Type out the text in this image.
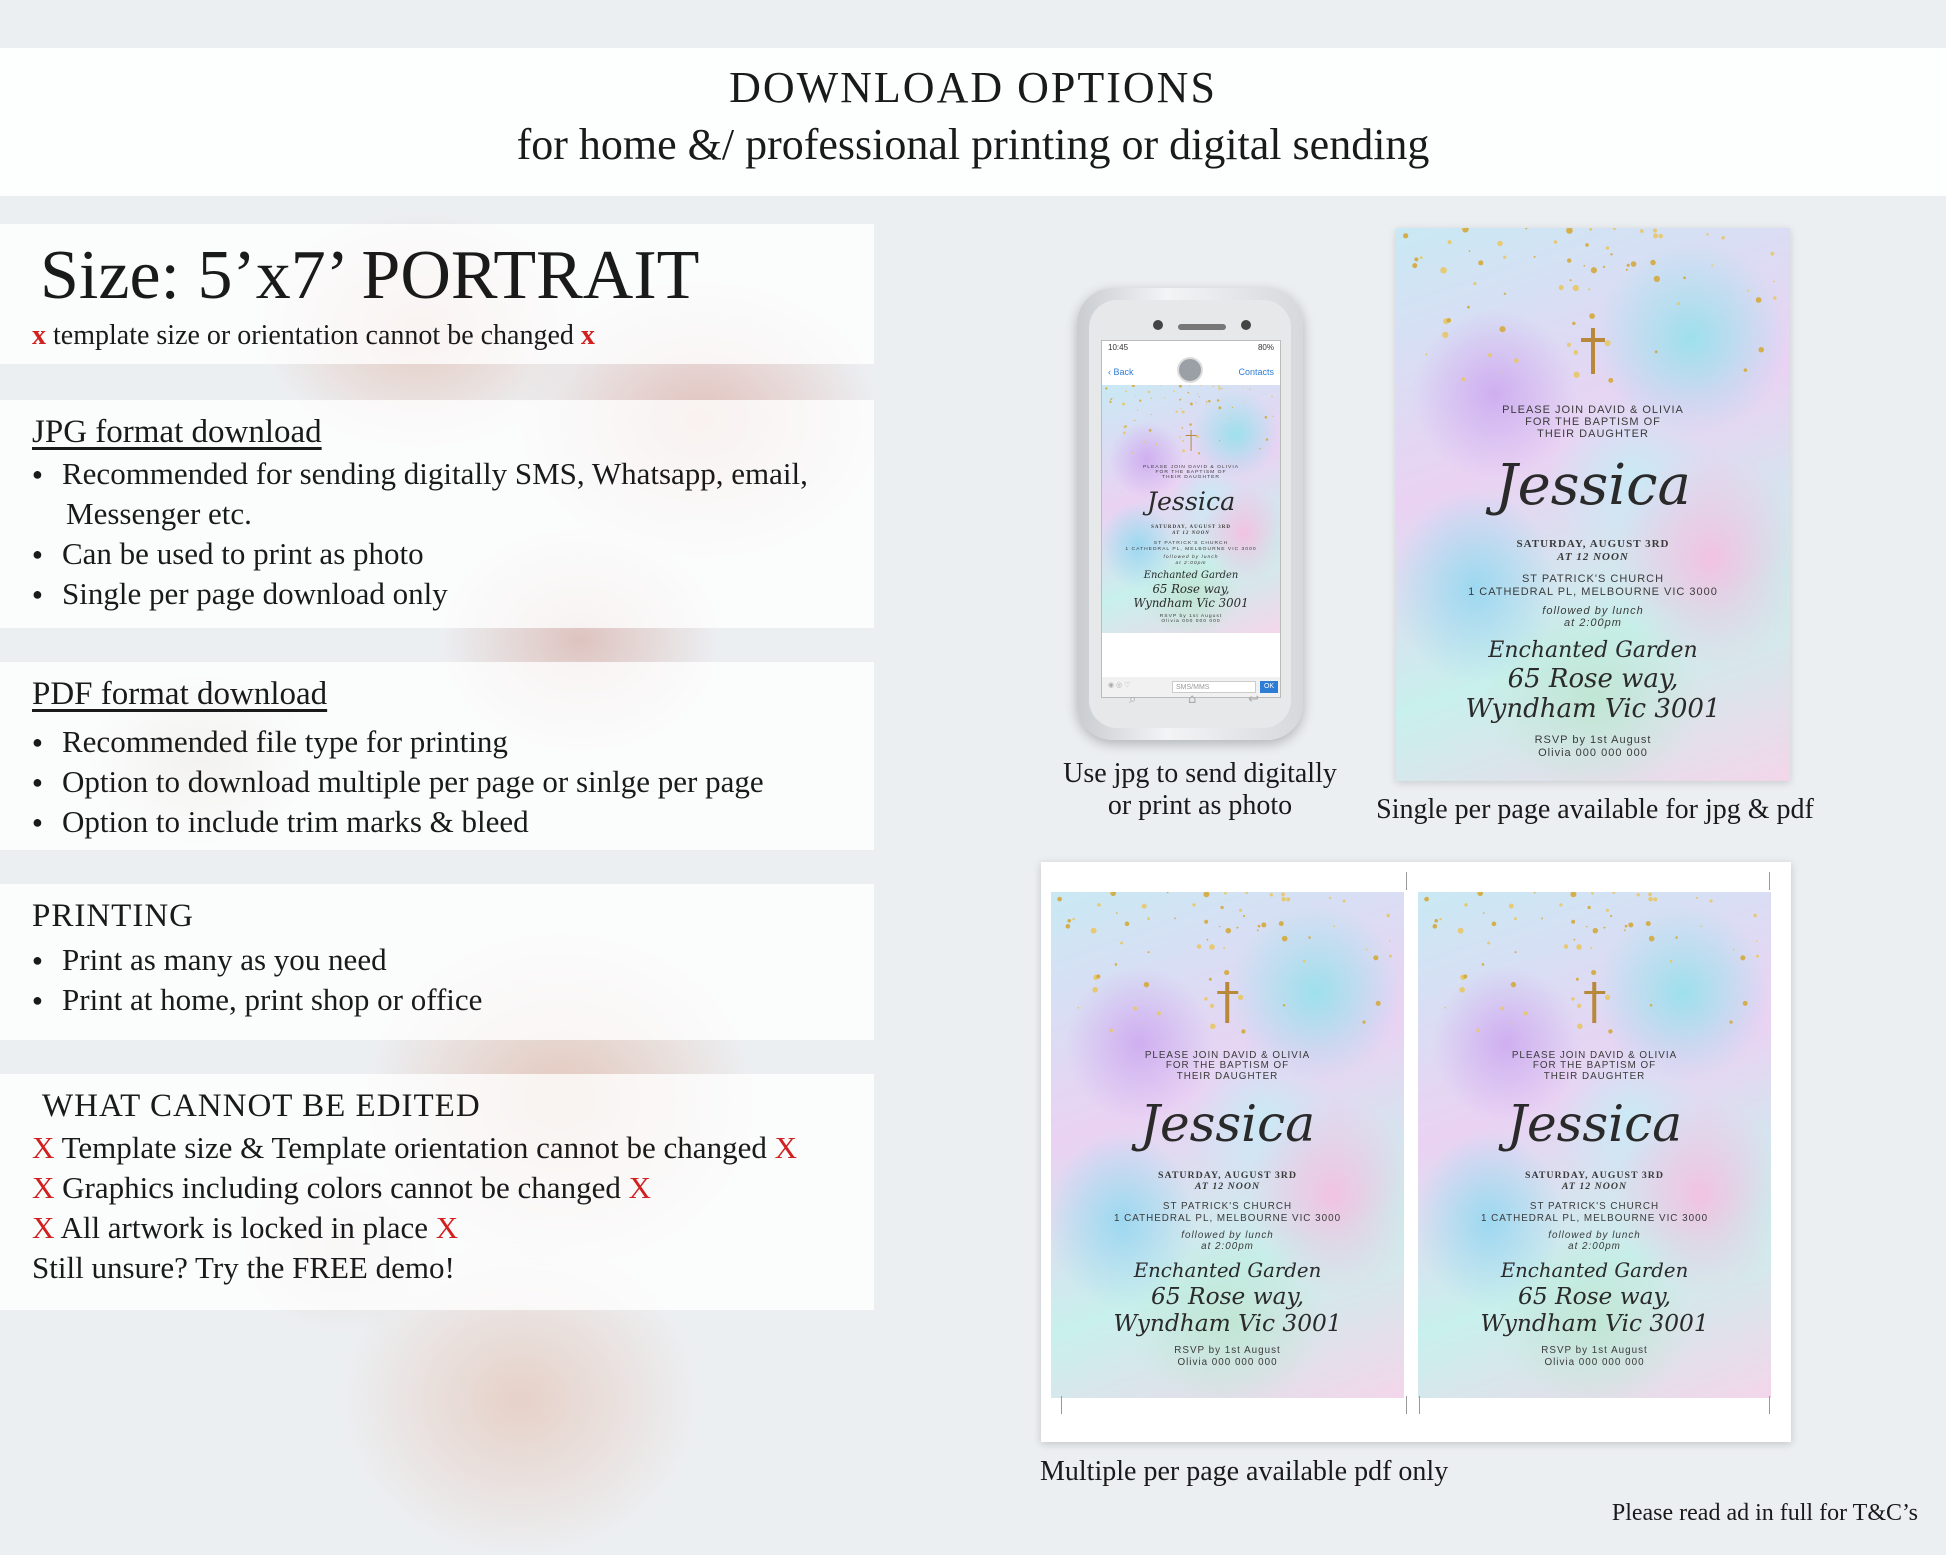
DOWNLOAD OPTIONS
for home &/ professional printing or digital sending
Size: 5’x7’ PORTRAIT
x template size or orientation cannot be changed x
JPG format download
● Recommended for sending digitally SMS, Whatsapp, email,
Messenger etc.
● Can be used to print as photo
● Single per page download only
PDF format download
● Recommended file type for printing
● Option to download multiple per page or sinlge per page
● Option to include trim marks & bleed
PRINTING
● Print as many as you need
● Print at home, print shop or office
WHAT CANNOT BE EDITED
X Template size & Template orientation cannot be changed X
X Graphics including colors cannot be changed X
X All artwork is locked in place X
Still unsure? Try the FREE demo!
10:45	80%
‹ Back	Contacts
PLEASE JOIN DAVID & OLIVIA
FOR THE BAPTISM OF
THEIR DAUGHTER
SATURDAY, AUGUST 3RD
AT 12 NOON
ST PATRICK'S CHURCH
1 CATHEDRAL PL, MELBOURNE VIC 3000
followed by lunch
at 2:00pm
RSVP by 1st August
Olivia 000 000 000
Jessica
Enchanted Garden
65 Rose way,
Wyndham Vic 3001
◉ ◎ ♡	SMS/MMS	OK
⌕	⌂	↩
Use jpg to send digitally
or print as photo
PLEASE JOIN DAVID & OLIVIA
FOR THE BAPTISM OF
THEIR DAUGHTER
SATURDAY, AUGUST 3RD
AT 12 NOON
ST PATRICK'S CHURCH
1 CATHEDRAL PL, MELBOURNE VIC 3000
followed by lunch
at 2:00pm
RSVP by 1st August
Olivia 000 000 000
Jessica
Enchanted Garden
65 Rose way,
Wyndham Vic 3001
Single per page available for jpg & pdf
PLEASE JOIN DAVID & OLIVIA
FOR THE BAPTISM OF
THEIR DAUGHTER
SATURDAY, AUGUST 3RD
AT 12 NOON
ST PATRICK'S CHURCH
1 CATHEDRAL PL, MELBOURNE VIC 3000
followed by lunch
at 2:00pm
RSVP by 1st August
Olivia 000 000 000
Jessica
Enchanted Garden
65 Rose way,
Wyndham Vic 3001
PLEASE JOIN DAVID & OLIVIA
FOR THE BAPTISM OF
THEIR DAUGHTER
SATURDAY, AUGUST 3RD
AT 12 NOON
ST PATRICK'S CHURCH
1 CATHEDRAL PL, MELBOURNE VIC 3000
followed by lunch
at 2:00pm
RSVP by 1st August
Olivia 000 000 000
Jessica
Enchanted Garden
65 Rose way,
Wyndham Vic 3001
Multiple per page available pdf only
Please read ad in full for T&C’s
